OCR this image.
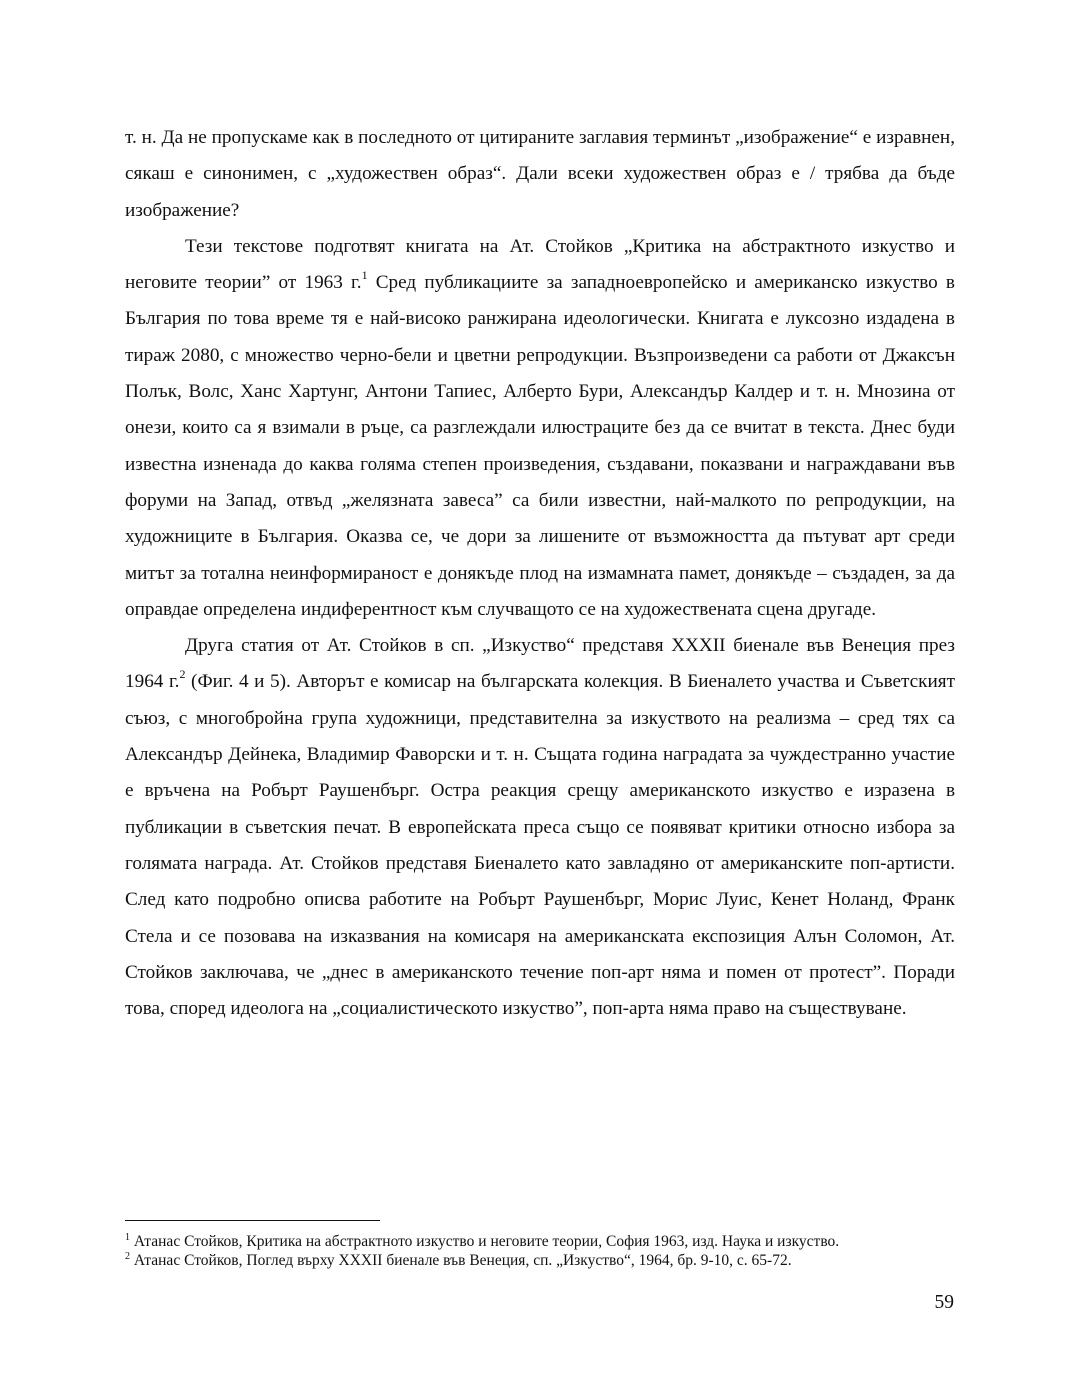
т. н. Да не пропускаме как в последното от цитираните заглавия терминът „изображение“ е изравнен, сякаш е синонимен, с „художествен образ“. Дали всеки художествен образ е / трябва да бъде изображение?

Тези текстове подготвят книгата на Ат. Стойков „Критика на абстрактното изкуство и неговите теории” от 1963 г.$^1$ Сред публикациите за западноевропейско и американско изкуство в България по това време тя е най-високо ранжирана идеологически. Книгата е луксозно издадена в тираж 2080, с множество черно-бели и цветни репродукции. Възпроизведени са работи от Джаксън Полък, Волс, Ханс Хартунг, Антони Тапиес, Алберто Бури, Александър Калдер и т. н. Мнозина от онези, които са я взимали в ръце, са разглеждали илюстраците без да се вчитат в текста. Днес буди известна изненада до каква голяма степен произведения, създавани, показвани и награждавани във форуми на Запад, отвъд „желязната завеса” са били известни, най-малкото по репродукции, на художниците в България. Оказва се, че дори за лишените от възможността да пътуват арт среди митът за тотална неинформираност е донякъде плод на измамната памет, донякъде – създаден, за да оправдае определена индиферентност към случващото се на художествената сцена другаде.

Друга статия от Ат. Стойков в сп. „Изкуство“ представя XXXII биенале във Венеция през 1964 г.$^2$ (Фиг. 4 и 5). Авторът е комисар на българската колекция. В Биеналето участва и Съветският съюз, с многобройна група художници, представителна за изкуството на реализма – сред тях са Александър Дейнека, Владимир Фаворски и т. н. Същата година наградата за чуждестранно участие е връчена на Робърт Раушенбърг. Остра реакция срещу американското изкуство е изразена в публикации в съветския печат. В европейската преса също се появяват критики относно избора за голямата награда. Ат. Стойков представя Биеналето като завладяно от американските поп-артисти. След като подробно описва работите на Робърт Раушенбърг, Морис Луис, Кенет Ноланд, Франк Стела и се позовава на изказвания на комисаря на американската експозиция Алън Соломон, Ат. Стойков заключава, че „днес в американското течение поп-арт няма и помен от протест”. Поради това, според идеолога на „социалистическото изкуство”, поп-арта няма право на съществуване.

$^1$ Атанас Стойков, Критика на абстрактното изкуство и неговите теории, София 1963, изд. Наука и изкуство.

$^2$ Атанас Стойков, Поглед върху XXXII биенале във Венеция, сп. „Изкуство“, 1964, бр. 9-10, с. 65-72.

59
